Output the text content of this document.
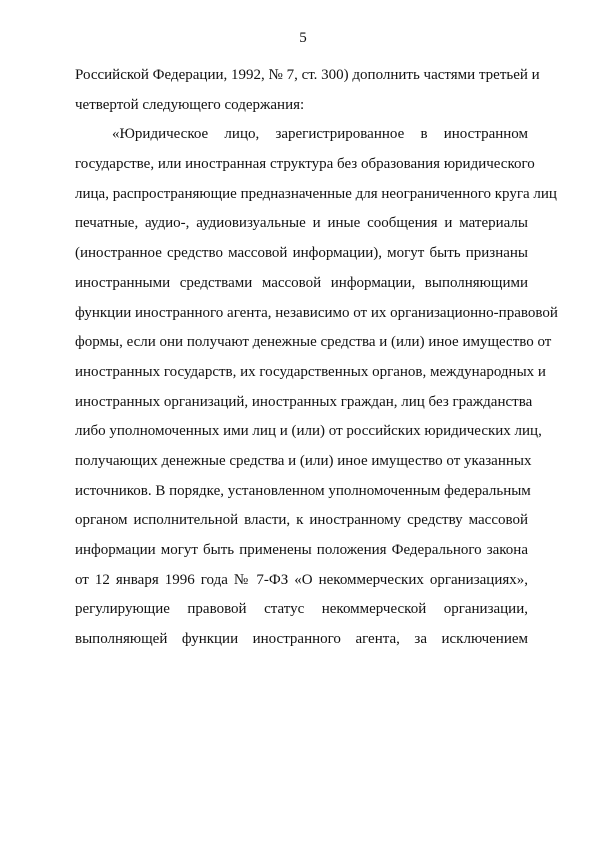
5
Российской Федерации, 1992, № 7, ст. 300) дополнить частями третьей и
четвертой следующего содержания:
«Юридическое лицо, зарегистрированное в иностранном
государстве, или иностранная структура без образования юридического
лица, распространяющие предназначенные для неограниченного круга лиц
печатные, аудио-, аудиовизуальные и иные сообщения и материалы
(иностранное средство массовой информации), могут быть признаны
иностранными средствами массовой информации, выполняющими
функции иностранного агента, независимо от их организационно-правовой
формы, если они получают денежные средства и (или) иное имущество от
иностранных государств, их государственных органов, международных и
иностранных организаций, иностранных граждан, лиц без гражданства
либо уполномоченных ими лиц и (или) от российских юридических лиц,
получающих денежные средства и (или) иное имущество от указанных
источников. В порядке, установленном уполномоченным федеральным
органом исполнительной власти, к иностранному средству массовой
информации могут быть применены положения Федерального закона
от 12 января 1996 года № 7-ФЗ «О некоммерческих организациях»,
регулирующие правовой статус некоммерческой организации,
выполняющей функции иностранного агента, за исключением
